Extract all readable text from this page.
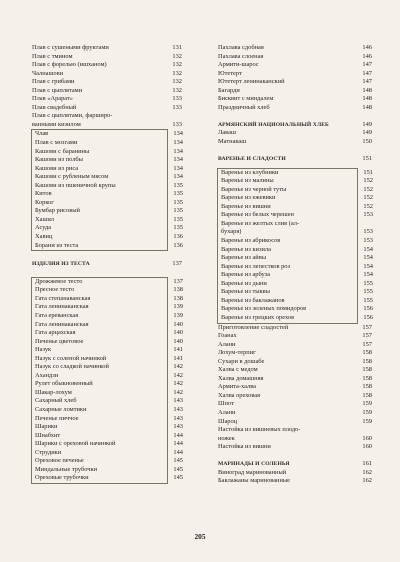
Плав с сушеными фруктами	131
Плав с тмином	132
Плав с форелью (ишханом)	132
Чалнашови	132
Плав с грибами	132
Плав с цыплятами	132
Плав «Арарат»	133
Плав свадебный	133
Плав с цыплятами, фарширо-
ванными кизилом	133
Члав	134
Плав с мозгами	134
Кашови с баранины	134
Кашови из полбы	134
Кашови из риса	134
Кашови с рубленым мясом	134
Кашови из пшеничной крупы	135
Китов	135
Корког	135
Бумбар рисовый	135
Хашил	135
Асуда	135
Хавиц	136
Борани из теста	136
ИЗДЕЛИЯ ИЗ ТЕСТА	137
Дрожжевое тесто	137
Пресное тесто	138
Гата степанаванская	138
Гата ленинаканская	139
Гата ереванская	139
Гата ленинаканская	140
Гата арцахская	140
Печенье цветовое	140
Назук	141
Назук с соленой начинкой	141
Назук со сладкой начинкой	142
Ахандзи	142
Рулет обыкновенный	142
Шакар-лохум	142
Сахарный хлеб	143
Сахарные ломтики	143
Печенье пиччое	143
Шарики	143
Шнабхит	144
Шарики с ореховой начинкой	144
Струдики	144
Ореховое печенье	145
Миндальные трубочки	145
Ореховые трубочки	145
Пахлава сдобная	146
Пахлава слоеная	146
Армити-шарос	147
Ютетерт	147
Ютетерт ленинаканский	147
Багарди	148
Бисквит с миндалем	148
Праздничный хлеб	148
АРМЯНСКИЙ НАЦИОНАЛЬНЫЙ ХЛЕБ	149
Лаваш	149
Матнакаш	150
ВАРЕНЬЕ И СЛАДОСТИ	151
Варенье из клубники	151
Варенье из малины	152
Варенье из черной туты	152
Варенье из ежевики	152
Варенье из вишни	152
Варенье из белых черешен	153
Варенье из желтых слив (ал-
бухаря)	153
Варенье из абрикосов	153
Варенье из кизила	154
Варенье из айвы	154
Варенье из лепестков роз	154
Варенье из арбуза	154
Варенье из дыни	155
Варенье из тыквы	155
Варенье из баклажанов	155
Варенье из зеленых помидоров	156
Варенье из грецких орехов	156
Приготовление сладостей	157
Гоанах	157
Алани	157
Лохум-терпиг	158
Сухари в дошабе	158
Халва с медом	158
Халва домашняя	158
Армита-халва	158
Халва ореховая	158
Шпот	159
Алани	159
Шароц	159
Настойка из вишневых плодо-
ножек	160
Настойка из вишни	160
МАРИНАДЫ И СОЛЕНЬЯ	161
Виноград маринованный	162
Баклажаны маринованные	162
205
